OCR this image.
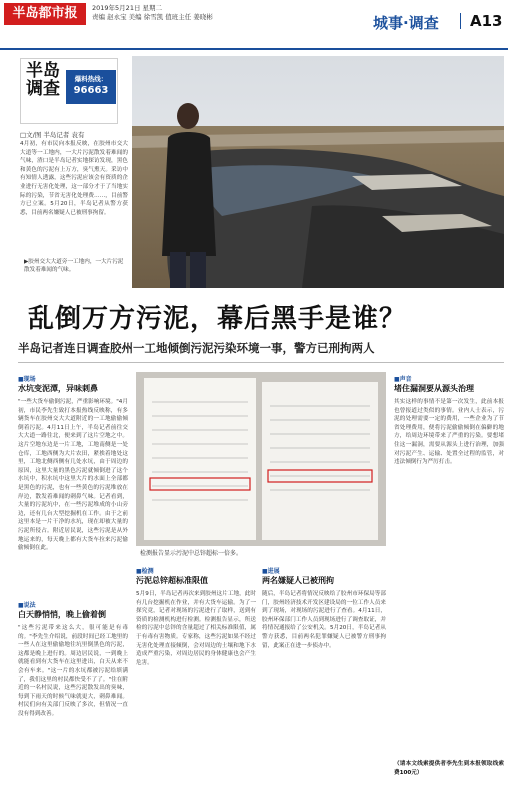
半岛都市报	2019年5月21日 星期二
责编 赵永宝 美编 徐雪凯 值班主任 姜晓彬	城事·调查 A13
半岛
调查	爆料热线：
96663
□文/图 半岛记者 袁有
4月初，有市民向本报反映，在胶州市交大大道等一工地内，一大片污泥散发着难闻的气味，渣口是半岛记者实地探访发现，黑色和黄色的污泥有上万方，臭气熏天。采访中有知情人透露，这些污泥应该会有资质的企业进行无害化处理，这一部分才于了当地实际的污染，节省无害化处理费……，目前警方已立案。5月20日，半岛记者从警方获悉，目前两名嫌疑人已被刑事拘留。
▶胶州交大大道旁一工地内，一大片污泥散发着难闻的气味。
乱倒万方污泥，幕后黑手是谁？
半岛记者连日调查胶州一工地倾倒污泥污染环境一事，警方已刑拘两人
■现场
水坑变泥潭，异味刺鼻
"一些大货车偷倒污泥，严重影响环境。"4月初，市民李先生致打本报热线反映称，有多辆货车在胶州交大大道附近的一工地偷偷倾倒着污泥。4月11日上午，半岛记者前往交大大道一路往北，便来到了这片空地之中。这片空地东边是一片工地，工地南侧是一处仓库，工地西侧为大片农田，紧挨着地处这里，工地北侧西侧有几处水坑，由于周边的原因，这里大量的黑色污泥就倾倒进了这个水坑中，积水坑中这里大片的水面上全部都是黑色的污泥，也有一些黄色的污泥堆放在岸边，散发着难闻的刺鼻气味。记者看到，大量的污泥坑中，在一些污泥堆成的小山旁边，还有几台大型挖掘机在工作。由于之前这里本是一片干净的水坑，现在却被大量的污泥所侵占。附近居民说，这些污泥是从外地运来的，每天晚上都有大货车拉来污泥偷偷倾倒在此。
■说法
白天静悄悄，晚上偷着倒
"这些污泥带来这么大，很可能是有毒的。"李先生介绍说，前段时间已经工地里的一些人在这里偷偷地往坑里倒黑色的污泥，这都是晚上进行的。周边居民说，一到晚上就能看到有大货车在这里进出，白天从来不会有车来。"这一片的水坑都被污泥给填满了，我们这里的村民都快受不了了。"住在附近的一名村民说，这些污泥散发出的臭味，每到下雨天的时候气味就更大，刺鼻难闻。村民们向有关部门反映了多次，但情况一直没有得到改善。
检测报告显示污泥中总锌超标一倍多。
■检测
污泥总锌超标准限值
5月9日，半岛记者再次来到胶州这片工地，此时有几台挖掘机在作业，并有大货车运输。为了一探究竟，记者对现场的污泥进行了取样，送到有资质的检测机构进行检测。检测报告显示，所送检的污泥中总锌的含量超过了相关标准限值，属于有毒有害物质。专家称，这些污泥如果不经过无害化处理直接倾倒，会对周边的土壤和地下水造成严重污染，对周边居民的身体健康也会产生危害。
■进展
两名嫌疑人已被刑拘
随后，半岛记者将情况反映给了胶州市环保局等部门，胶州经济技术开发区建设局的一位工作人员来到了现场，对现场的污泥进行了查看。4月11日，胶州环保部门工作人员到现场进行了调查取证，并将情况通报给了公安机关。5月20日，半岛记者从警方获悉，目前两名犯罪嫌疑人已被警方刑事拘留，此案正在进一步侦办中。
■声音
堵住漏洞要从源头治理
其实这样的事情不是第一次发生，此前本报也曾报道过类似的事情。业内人士表示，污泥的处理需要一定的费用，一些企业为了节省处理费用，便将污泥偷偷倾倒在偏僻的地方，给周边环境带来了严重的污染。要想堵住这一漏洞，需要从源头上进行治理，加强对污泥产生、运输、处置全过程的监管，对违法倾倒行为严厉打击。
（请本文线索提供者李先生到本报领取线索费100元）
